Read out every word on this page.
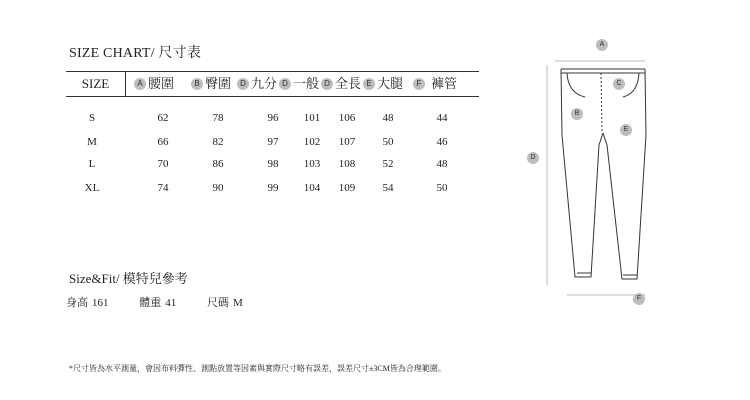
SIZE CHART/ 尺寸表
SIZE	A 腰圍	B 臀圍	D 九分 D 一般 D 全長 E 大腿	F 褲管
S	62	78	96	101	106	48	44
M	66	82	97	102	107	50	46
L	70	86	98	103	108	52	48
XL	74	90	99	104	109	54	50
Size&Fit/ 模特兒參考
身高 161	體重 41	尺碼 M
*尺寸皆為水平測量，會因布料彈性、測點放置等因素與實際尺寸略有誤差，誤差尺寸±3CM皆為合理範圍。
A
C
B
E
D
F
